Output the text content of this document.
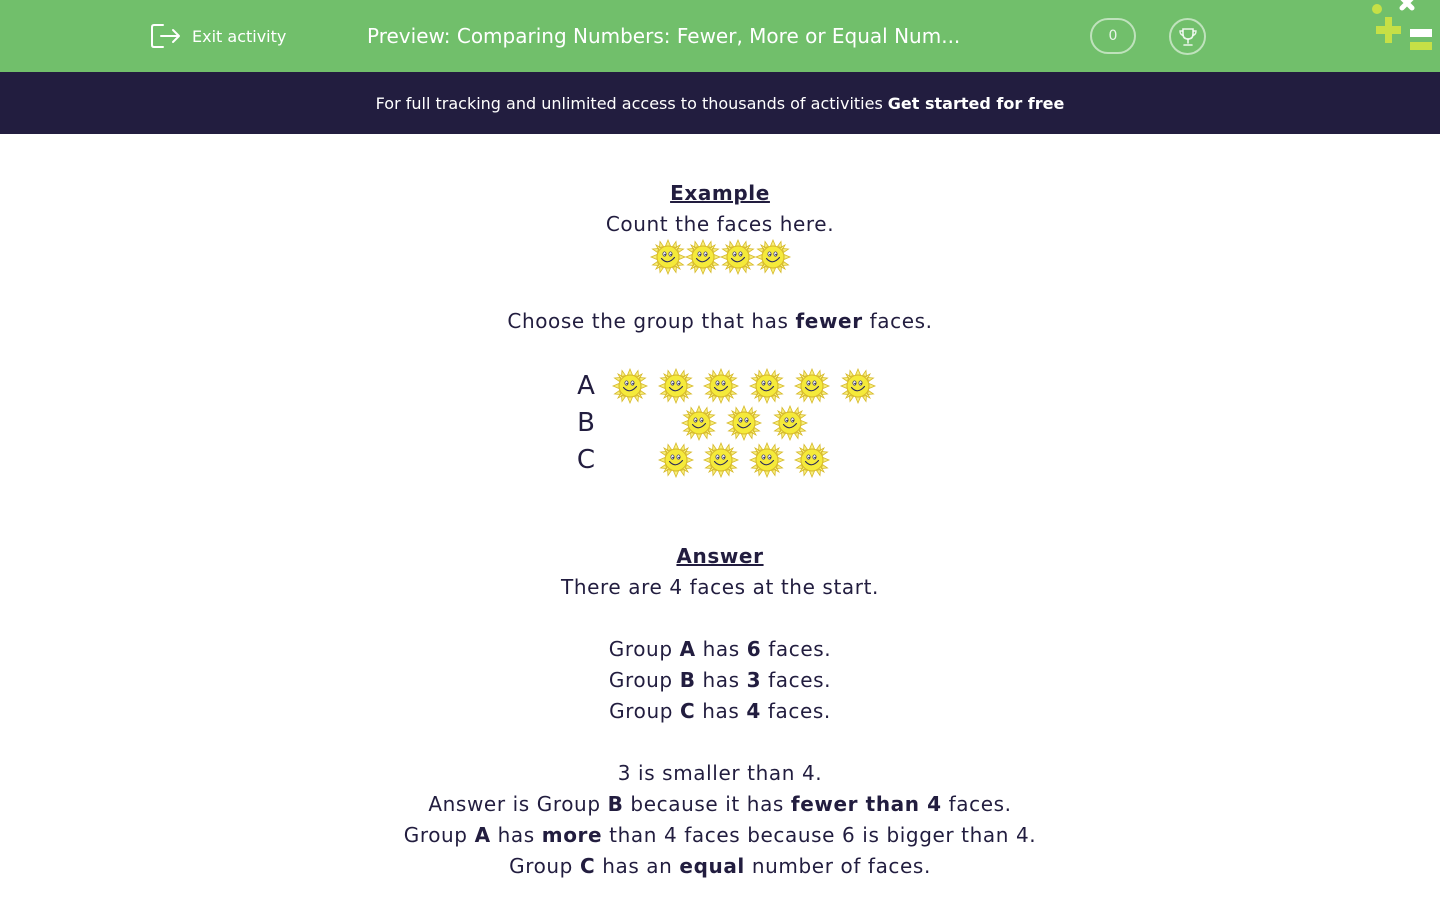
Exit activity	Preview: Comparing Numbers: Fewer, More or Equal Num...	0
For full tracking and unlimited access to thousands of activities Get started for free
Example
Count the faces here.
Choose the group that has fewer faces.
A
B
C
Answer
There are 4 faces at the start.
Group A has 6 faces.
Group B has 3 faces.
Group C has 4 faces.
3 is smaller than 4.
Answer is Group B because it has fewer than 4 faces.
Group A has more than 4 faces because 6 is bigger than 4.
Group C has an equal number of faces.
